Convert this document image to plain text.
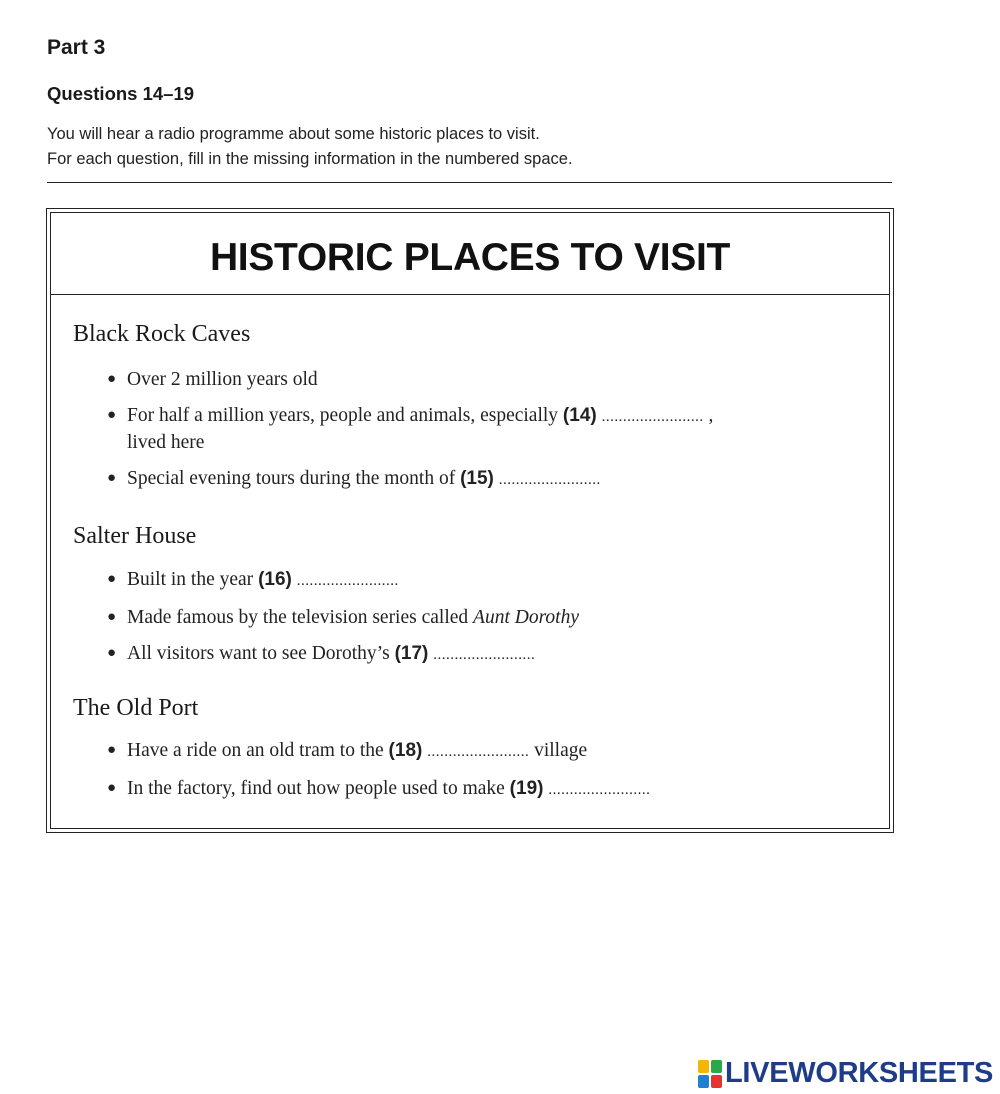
Part 3
Questions 14–19
You will hear a radio programme about some historic places to visit.
For each question, fill in the missing information in the numbered space.
HISTORIC PLACES TO VISIT
Black Rock Caves
● Over 2 million years old
● For half a million years, people and animals, especially (14) ........................ ,
lived here
● Special evening tours during the month of (15) ........................
Salter House
● Built in the year (16) ........................
● Made famous by the television series called Aunt Dorothy
● All visitors want to see Dorothy’s (17) ........................
The Old Port
● Have a ride on an old tram to the (18) ........................ village
● In the factory, find out how people used to make (19) ........................
LIVEWORKSHEETS
